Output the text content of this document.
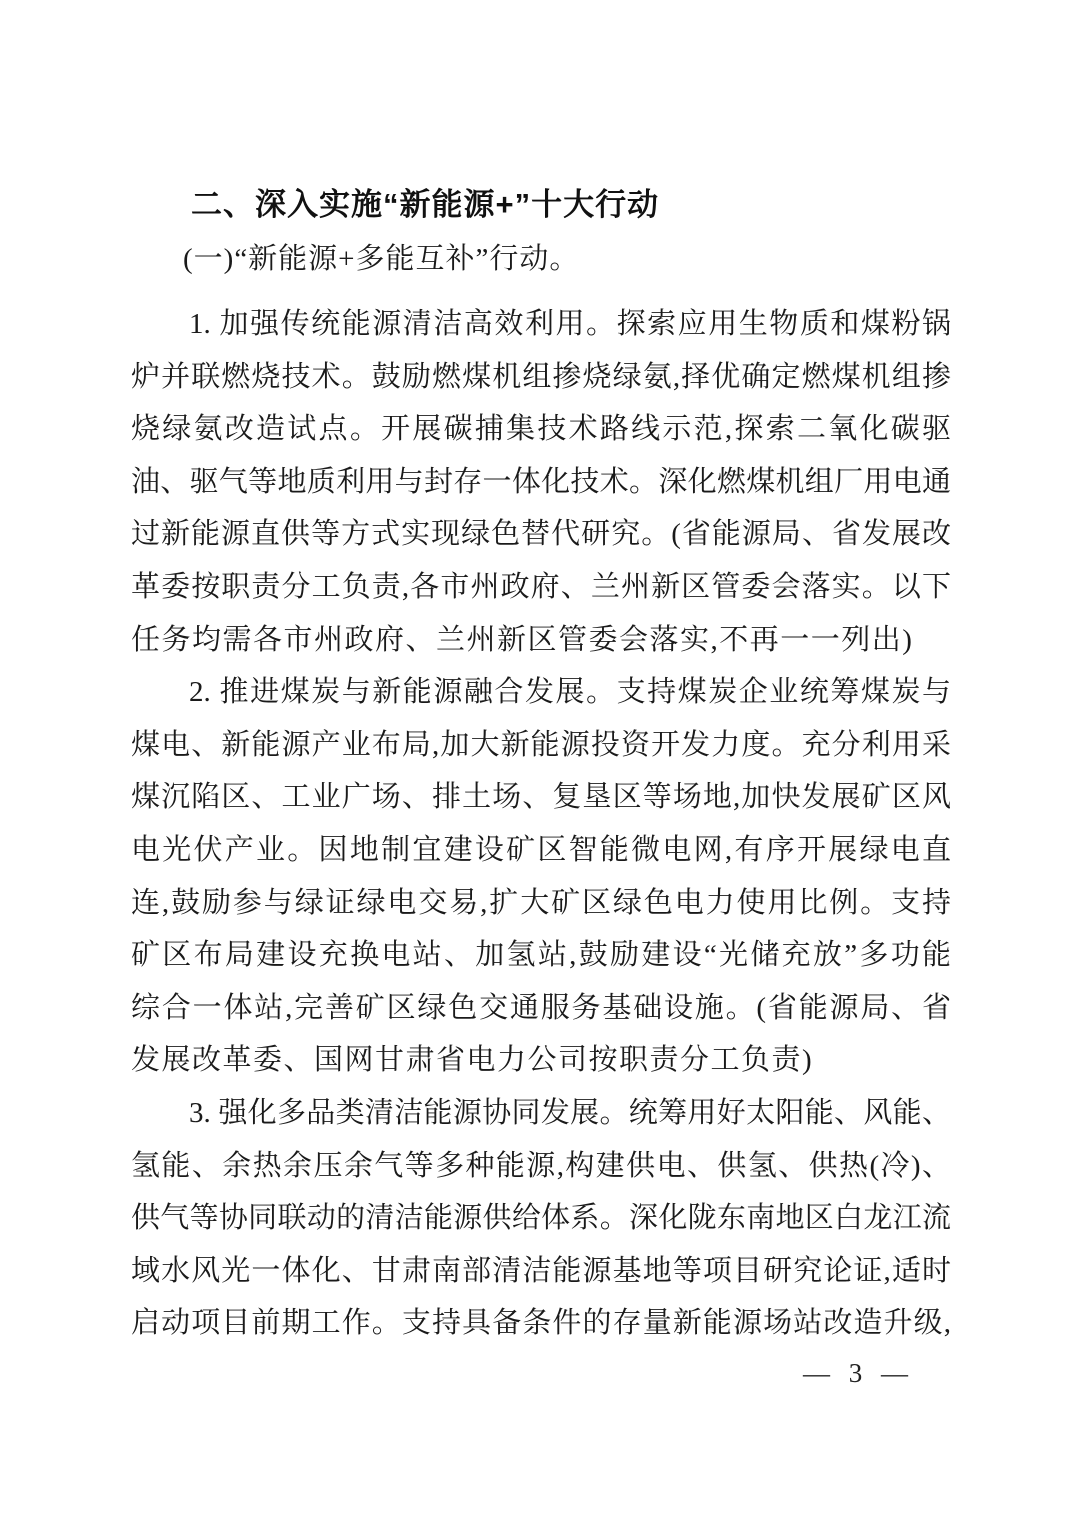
二、深入实施“新能源+”十大行动
(一)“新能源+多能互补”行动。
1. 加强传统能源清洁高效利用。探索应用生物质和煤粉锅
炉并联燃烧技术。鼓励燃煤机组掺烧绿氨,择优确定燃煤机组掺
烧绿氨改造试点。开展碳捕集技术路线示范,探索二氧化碳驱
油、驱气等地质利用与封存一体化技术。深化燃煤机组厂用电通
过新能源直供等方式实现绿色替代研究。(省能源局、省发展改
革委按职责分工负责,各市州政府、兰州新区管委会落实。以下
任务均需各市州政府、兰州新区管委会落实,不再一一列出)
2. 推进煤炭与新能源融合发展。支持煤炭企业统筹煤炭与
煤电、新能源产业布局,加大新能源投资开发力度。充分利用采
煤沉陷区、工业广场、排土场、复垦区等场地,加快发展矿区风
电光伏产业。因地制宜建设矿区智能微电网,有序开展绿电直
连,鼓励参与绿证绿电交易,扩大矿区绿色电力使用比例。支持
矿区布局建设充换电站、加氢站,鼓励建设“光储充放”多功能
综合一体站,完善矿区绿色交通服务基础设施。(省能源局、省
发展改革委、国网甘肃省电力公司按职责分工负责)
3. 强化多品类清洁能源协同发展。统筹用好太阳能、风能、
氢能、余热余压余气等多种能源,构建供电、供氢、供热(冷)、
供气等协同联动的清洁能源供给体系。深化陇东南地区白龙江流
域水风光一体化、甘肃南部清洁能源基地等项目研究论证,适时
启动项目前期工作。支持具备条件的存量新能源场站改造升级,
— 3 —
